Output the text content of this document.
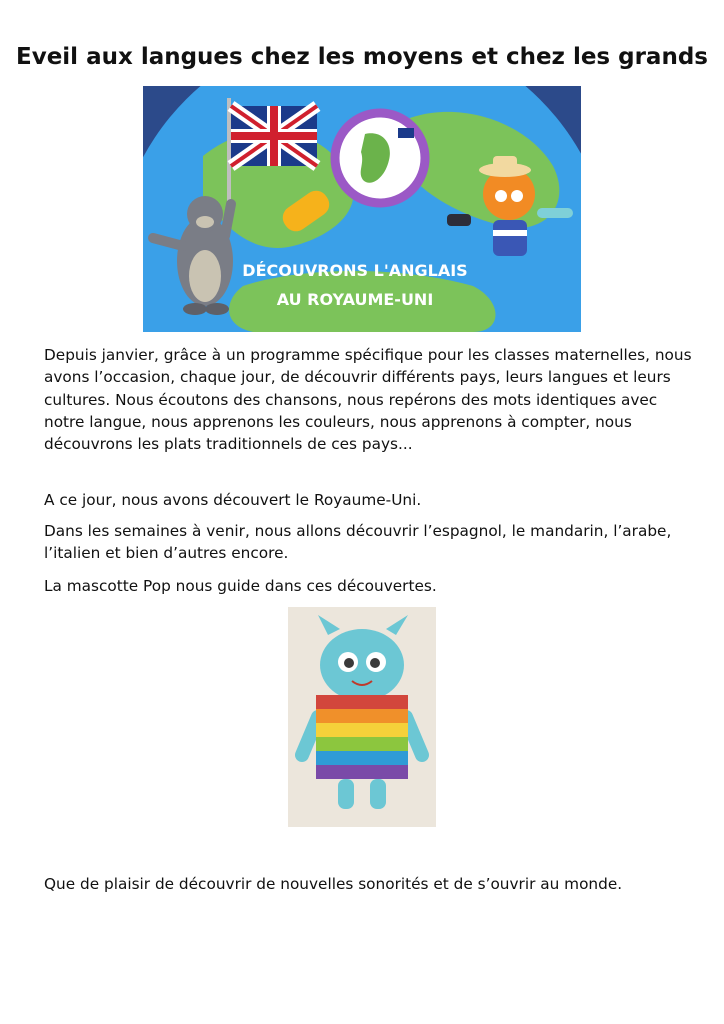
Eveil aux langues chez les moyens et chez les grands
DÉCOUVRONS L'ANGLAIS
AU ROYAUME-UNI

Depuis janvier, grâce à un programme spécifique pour les classes maternelles, nous avons l’occasion, chaque jour, de découvrir différents pays, leurs langues et leurs cultures. Nous écoutons des chansons, nous repérons des mots identiques avec notre langue, nous apprenons les couleurs, nous apprenons à compter, nous découvrons les plats traditionnels de ces pays...

A ce jour, nous avons découvert le Royaume-Uni.

Dans les semaines à venir, nous allons découvrir l’espagnol, le mandarin, l’arabe, l’italien et bien d’autres encore.

La mascotte Pop nous guide dans ces découvertes.

Que de plaisir de découvrir de nouvelles sonorités et de s’ouvrir au monde.
